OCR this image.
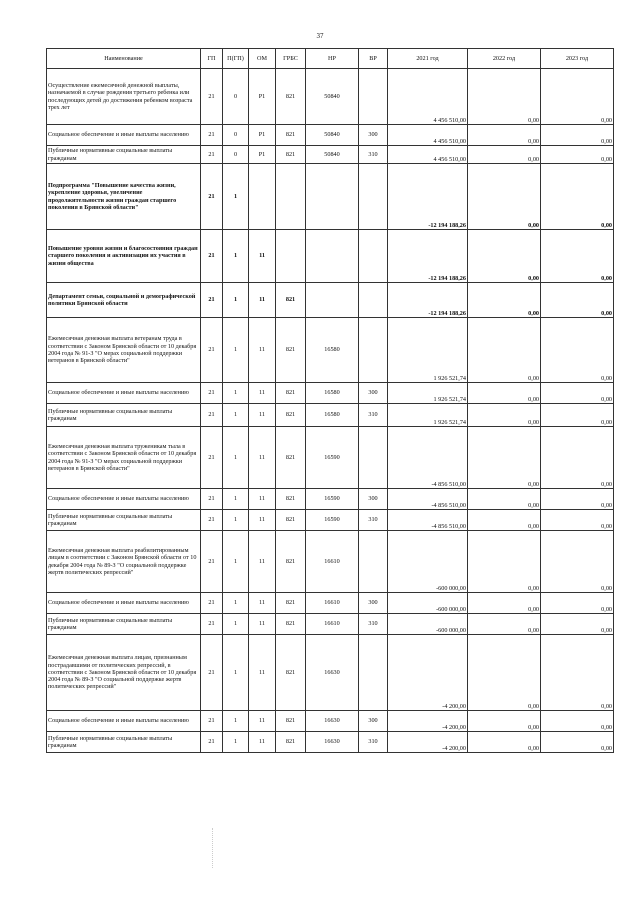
37
Наименование	ГП	П(ГП)	ОМ	ГРБС	НР	ВР	2021 год	2022 год	2023 год
Осуществление ежемесячной денежной выплаты, назначаемой в случае рождения третьего ребенка или последующих детей до достижения ребенком возраста трех лет	21	0	P1	821	50840		4 456 510,00	0,00	0,00
Социальное обеспечение и иные выплаты населению	21	0	P1	821	50840	300	4 456 510,00	0,00	0,00
Публичные нормативные социальные выплаты гражданам	21	0	P1	821	50840	310	4 456 510,00	0,00	0,00
Подпрограмма "Повышение качества жизни, укрепление здоровья, увеличение продолжительности жизни граждан старшего поколения в Брянской области"	21	1					-12 194 188,26	0,00	0,00
Повышение уровня жизни и благосостояния граждан старшего поколения и активизации их участия в жизни общества	21	1	11				-12 194 188,26	0,00	0,00
Департамент семьи, социальной и демографической политики Брянской области	21	1	11	821			-12 194 188,26	0,00	0,00
Ежемесячная денежная выплата ветеранам труда в соответствии с Законом Брянской области от 10 декабря 2004 года № 91-З "О мерах социальной поддержки ветеранов в Брянской области"	21	1	11	821	16580		1 926 521,74	0,00	0,00
Социальное обеспечение и иные выплаты населению	21	1	11	821	16580	300	1 926 521,74	0,00	0,00
Публичные нормативные социальные выплаты гражданам	21	1	11	821	16580	310	1 926 521,74	0,00	0,00
Ежемесячная денежная выплата труженикам тыла в соответствии с Законом Брянской области от 10 декабря 2004 года № 91-З "О мерах социальной поддержки ветеранов в Брянской области"	21	1	11	821	16590		-4 856 510,00	0,00	0,00
Социальное обеспечение и иные выплаты населению	21	1	11	821	16590	300	-4 856 510,00	0,00	0,00
Публичные нормативные социальные выплаты гражданам	21	1	11	821	16590	310	-4 856 510,00	0,00	0,00
Ежемесячная денежная выплата реабилитированным лицам в соответствии с Законом Брянской области от 10 декабря 2004 года № 89-З "О социальной поддержке жертв политических репрессий"	21	1	11	821	16610		-600 000,00	0,00	0,00
Социальное обеспечение и иные выплаты населению	21	1	11	821	16610	300	-600 000,00	0,00	0,00
Публичные нормативные социальные выплаты гражданам	21	1	11	821	16610	310	-600 000,00	0,00	0,00
Ежемесячная денежная выплата лицам, признанным пострадавшими от политических репрессий, в соответствии с Законом Брянской области от 10 декабря 2004 года № 89-З "О социальной поддержке жертв политических репрессий"	21	1	11	821	16630		-4 200,00	0,00	0,00
Социальное обеспечение и иные выплаты населению	21	1	11	821	16630	300	-4 200,00	0,00	0,00
Публичные нормативные социальные выплаты гражданам	21	1	11	821	16630	310	-4 200,00	0,00	0,00
